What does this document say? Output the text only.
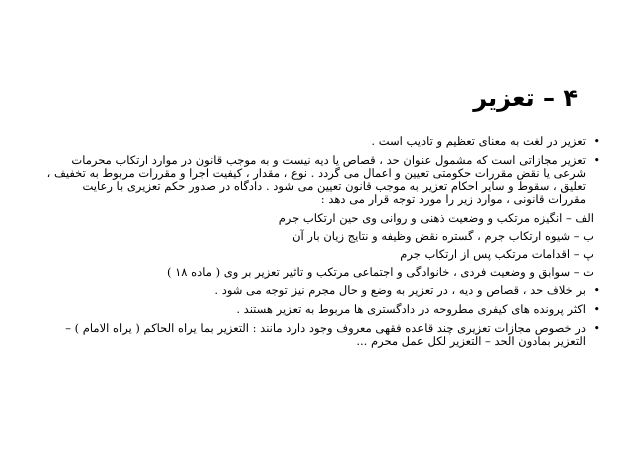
۴ – تعزیر
•
تعزیر در لغت به معنای تعظیم و تادیب است .
•
تعزیر مجازاتی است که مشمول عنوان حد ، قصاص یا دیه نیست و به موجب قانون در موارد ارتکاب محرمات شرعی یا نقض مقررات حکومتی تعیین و اعمال می گردد . نوع ، مقدار ، کیفیت اجرا و مقررات مربوط به تخفیف ، تعلیق ، سقوط و سایر احکام تعزیر به موجب قانون تعیین می شود . دادگاه در صدور حکم تعزیری با رعایت مقررات قانونی ، موارد زیر را مورد توجه قرار می دهد :
الف – انگیزه مرتکب و وضعیت ذهنی و روانی وی حین ارتکاب جرم
ب – شیوه ارتکاب جرم ، گستره نقض وظیفه و نتایج زیان بار آن
پ – اقدامات مرتکب پس از ارتکاب جرم
ت – سوابق و وضعیت فردی ، خانوادگی و اجتماعی مرتکب و تاثیر تعزیر بر وی ( ماده ۱۸ )
•
بر خلاف حد ، قصاص و دیه ، در تعزیر به وضع و حال مجرم نیز توجه می شود .
•
اکثر پرونده های کیفری مطروحه در دادگستری ها مربوط به تعزیر هستند .
•
در خصوص مجازات تعزیری چند قاعده فقهی معروف وجود دارد مانند : التعزیر بما یراه الحاکم ( یراه الامام ) – التعزیر بمادون الحد – التعزیر لکل عمل محرم ...
